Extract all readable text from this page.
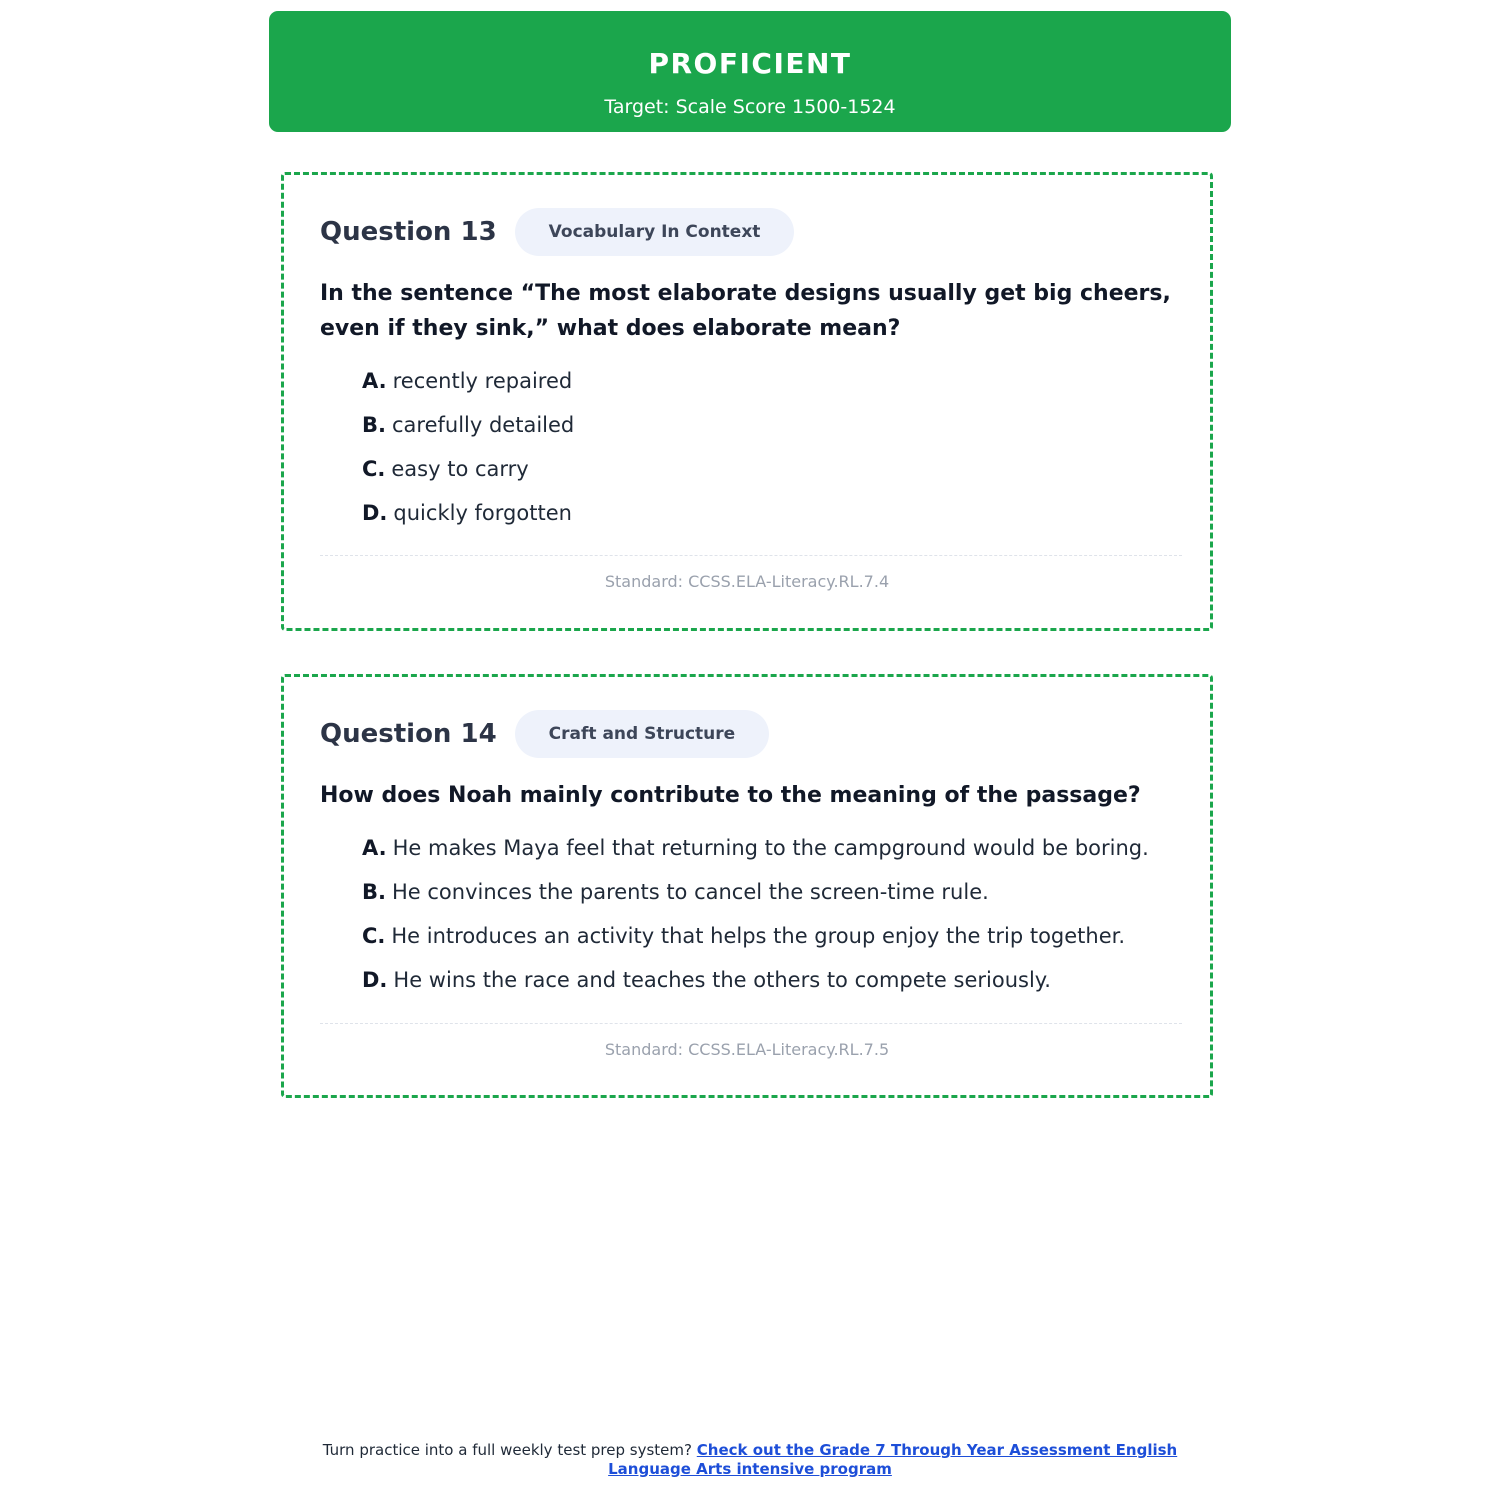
PROFICIENT
Target: Scale Score 1500-1524
Question 13	Vocabulary In Context
In the sentence “The most elaborate designs usually get big cheers, even if they sink,” what does elaborate mean?
A. recently repaired
B. carefully detailed
C. easy to carry
D. quickly forgotten
Standard: CCSS.ELA-Literacy.RL.7.4
Question 14	Craft and Structure
How does Noah mainly contribute to the meaning of the passage?
A. He makes Maya feel that returning to the campground would be boring.
B. He convinces the parents to cancel the screen-time rule.
C. He introduces an activity that helps the group enjoy the trip together.
D. He wins the race and teaches the others to compete seriously.
Standard: CCSS.ELA-Literacy.RL.7.5
Turn practice into a full weekly test prep system? Check out the Grade 7 Through Year Assessment English Language Arts intensive program
